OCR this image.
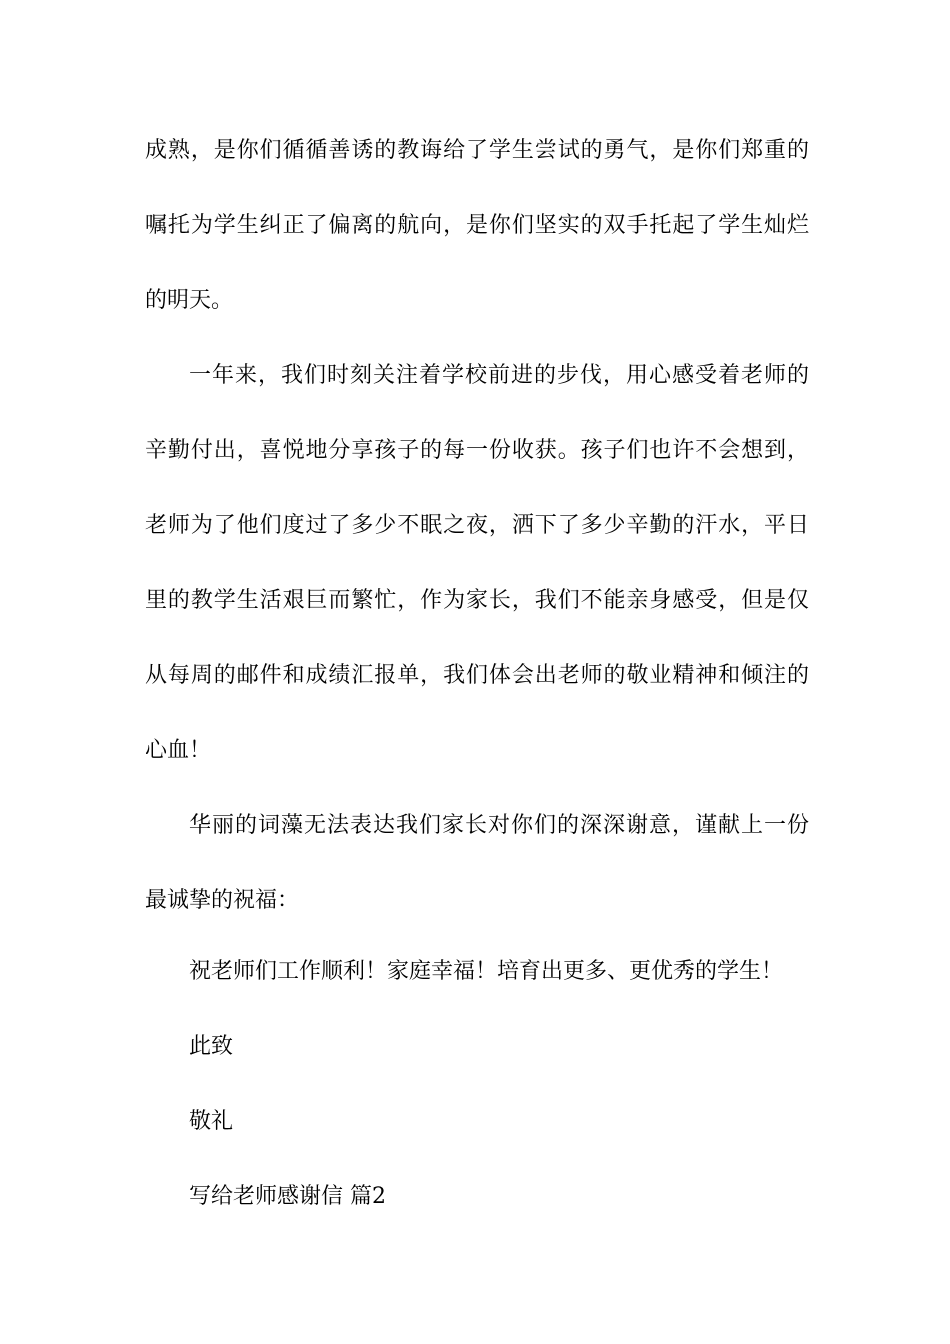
成熟，是你们循循善诱的教诲给了学生尝试的勇气，是你们郑重的
嘱托为学生纠正了偏离的航向，是你们坚实的双手托起了学生灿烂
的明天。
一年来，我们时刻关注着学校前进的步伐，用心感受着老师的
辛勤付出，喜悦地分享孩子的每一份收获。孩子们也许不会想到，
老师为了他们度过了多少不眠之夜，洒下了多少辛勤的汗水，平日
里的教学生活艰巨而繁忙，作为家长，我们不能亲身感受，但是仅
从每周的邮件和成绩汇报单，我们体会出老师的敬业精神和倾注的
心血！
华丽的词藻无法表达我们家长对你们的深深谢意，谨献上一份
最诚挚的祝福：

祝老师们工作顺利！家庭幸福！培育出更多、更优秀的学生！

此致

敬礼

写给老师感谢信 篇2
